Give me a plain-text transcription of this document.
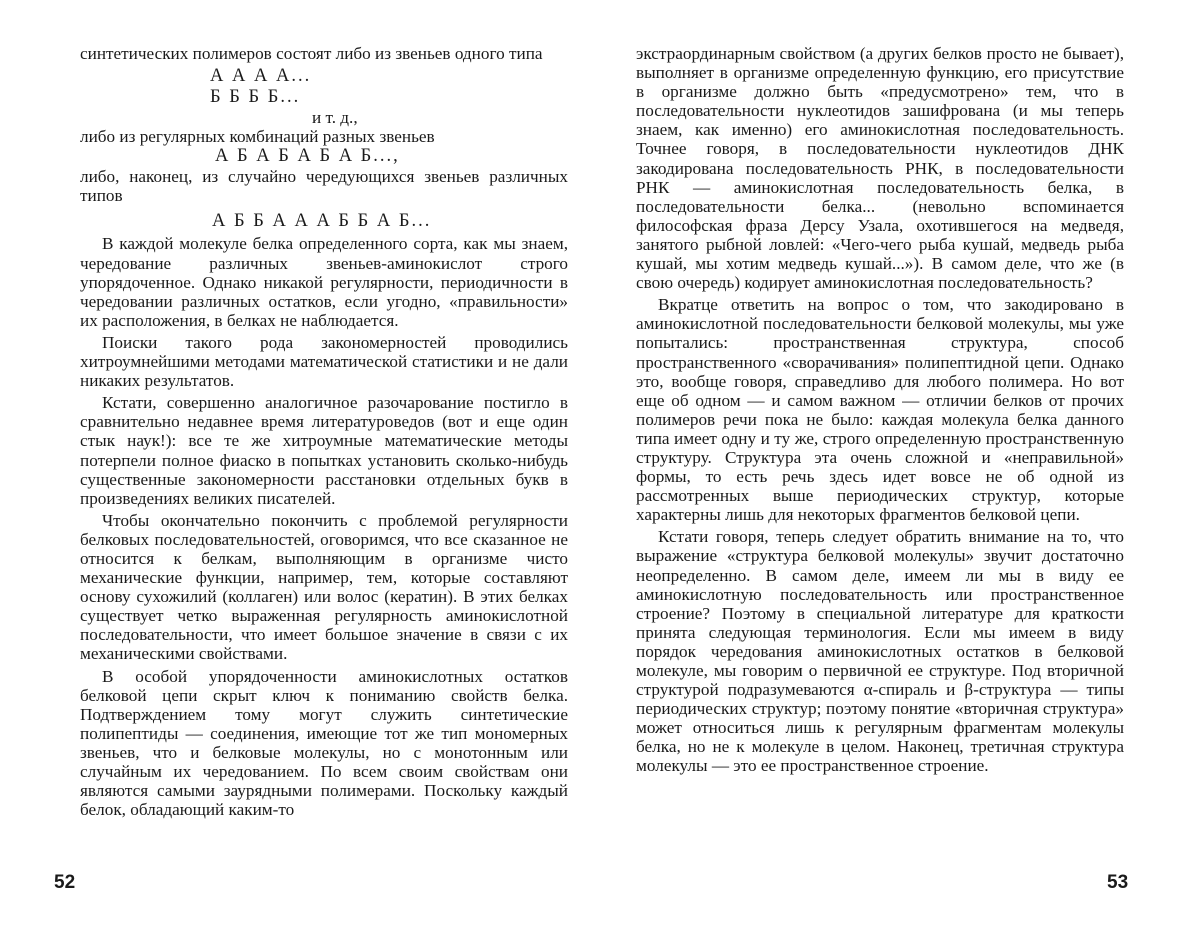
синтетических полимеров состоят либо из звеньев одного типа

А А А А...
Б Б Б Б...
и т. д.,

либо из регулярных комбинаций разных звеньев

А Б А Б А Б А Б...,

либо, наконец, из случайно чередующихся звеньев различных типов

А Б Б А А А Б Б А Б...

В каждой молекуле белка определенного сорта, как мы знаем, чередование различных звеньев-аминокислот строго упорядоченное. Однако никакой регулярности, периодичности в чередовании различных остатков, если угодно, «правильности» их расположения, в белках не наблюдается.

Поиски такого рода закономерностей проводились хитроумнейшими методами математической статистики и не дали никаких результатов.

Кстати, совершенно аналогичное разочарование постигло в сравнительно недавнее время литературоведов (вот и еще один стык наук!): все те же хитроумные математические методы потерпели полное фиаско в попытках установить сколько-нибудь существенные закономерности расстановки отдельных букв в произведениях великих писателей.

Чтобы окончательно покончить с проблемой регулярности белковых последовательностей, оговоримся, что все сказанное не относится к белкам, выполняющим в организме чисто механические функции, например, тем, которые составляют основу сухожилий (коллаген) или волос (кератин). В этих белках существует четко выраженная регулярность аминокислотной последовательности, что имеет большое значение в связи с их механическими свойствами.

В особой упорядоченности аминокислотных остатков белковой цепи скрыт ключ к пониманию свойств белка. Подтверждением тому могут служить синтетические полипептиды — соединения, имеющие тот же тип мономерных звеньев, что и белковые молекулы, но с монотонным или случайным их чередованием. По всем своим свойствам они являются самыми заурядными полимерами. Поскольку каждый белок, обладающий каким-то

52

экстраординарным свойством (а других белков просто не бывает), выполняет в организме определенную функцию, его присутствие в организме должно быть «предусмотрено» тем, что в последовательности нуклеотидов зашифрована (и мы теперь знаем, как именно) его аминокислотная последовательность. Точнее говоря, в последовательности нуклеотидов ДНК закодирована последовательность РНК, в последовательности РНК — аминокислотная последовательность белка, в последовательности белка... (невольно вспоминается философская фраза Дерсу Узала, охотившегося на медведя, занятого рыбной ловлей: «Чего-чего рыба кушай, медведь рыба кушай, мы хотим медведь кушай...»). В самом деле, что же (в свою очередь) кодирует аминокислотная последовательность?

Вкратце ответить на вопрос о том, что закодировано в аминокислотной последовательности белковой молекулы, мы уже попытались: пространственная структура, способ пространственного «сворачивания» полипептидной цепи. Однако это, вообще говоря, справедливо для любого полимера. Но вот еще об одном — и самом важном — отличии белков от прочих полимеров речи пока не было: каждая молекула белка данного типа имеет одну и ту же, строго определенную пространственную структуру. Структура эта очень сложной и «неправильной» формы, то есть речь здесь идет вовсе не об одной из рассмотренных выше периодических структур, которые характерны лишь для некоторых фрагментов белковой цепи.

Кстати говоря, теперь следует обратить внимание на то, что выражение «структура белковой молекулы» звучит достаточно неопределенно. В самом деле, имеем ли мы в виду ее аминокислотную последовательность или пространственное строение? Поэтому в специальной литературе для краткости принята следующая терминология. Если мы имеем в виду порядок чередования аминокислотных остатков в белковой молекуле, мы говорим о первичной ее структуре. Под вторичной структурой подразумеваются α-спираль и β-структура — типы периодических структур; поэтому понятие «вторичная структура» может относиться лишь к регулярным фрагментам молекулы белка, но не к молекуле в целом. Наконец, третичная структура молекулы — это ее пространственное строение.

53
